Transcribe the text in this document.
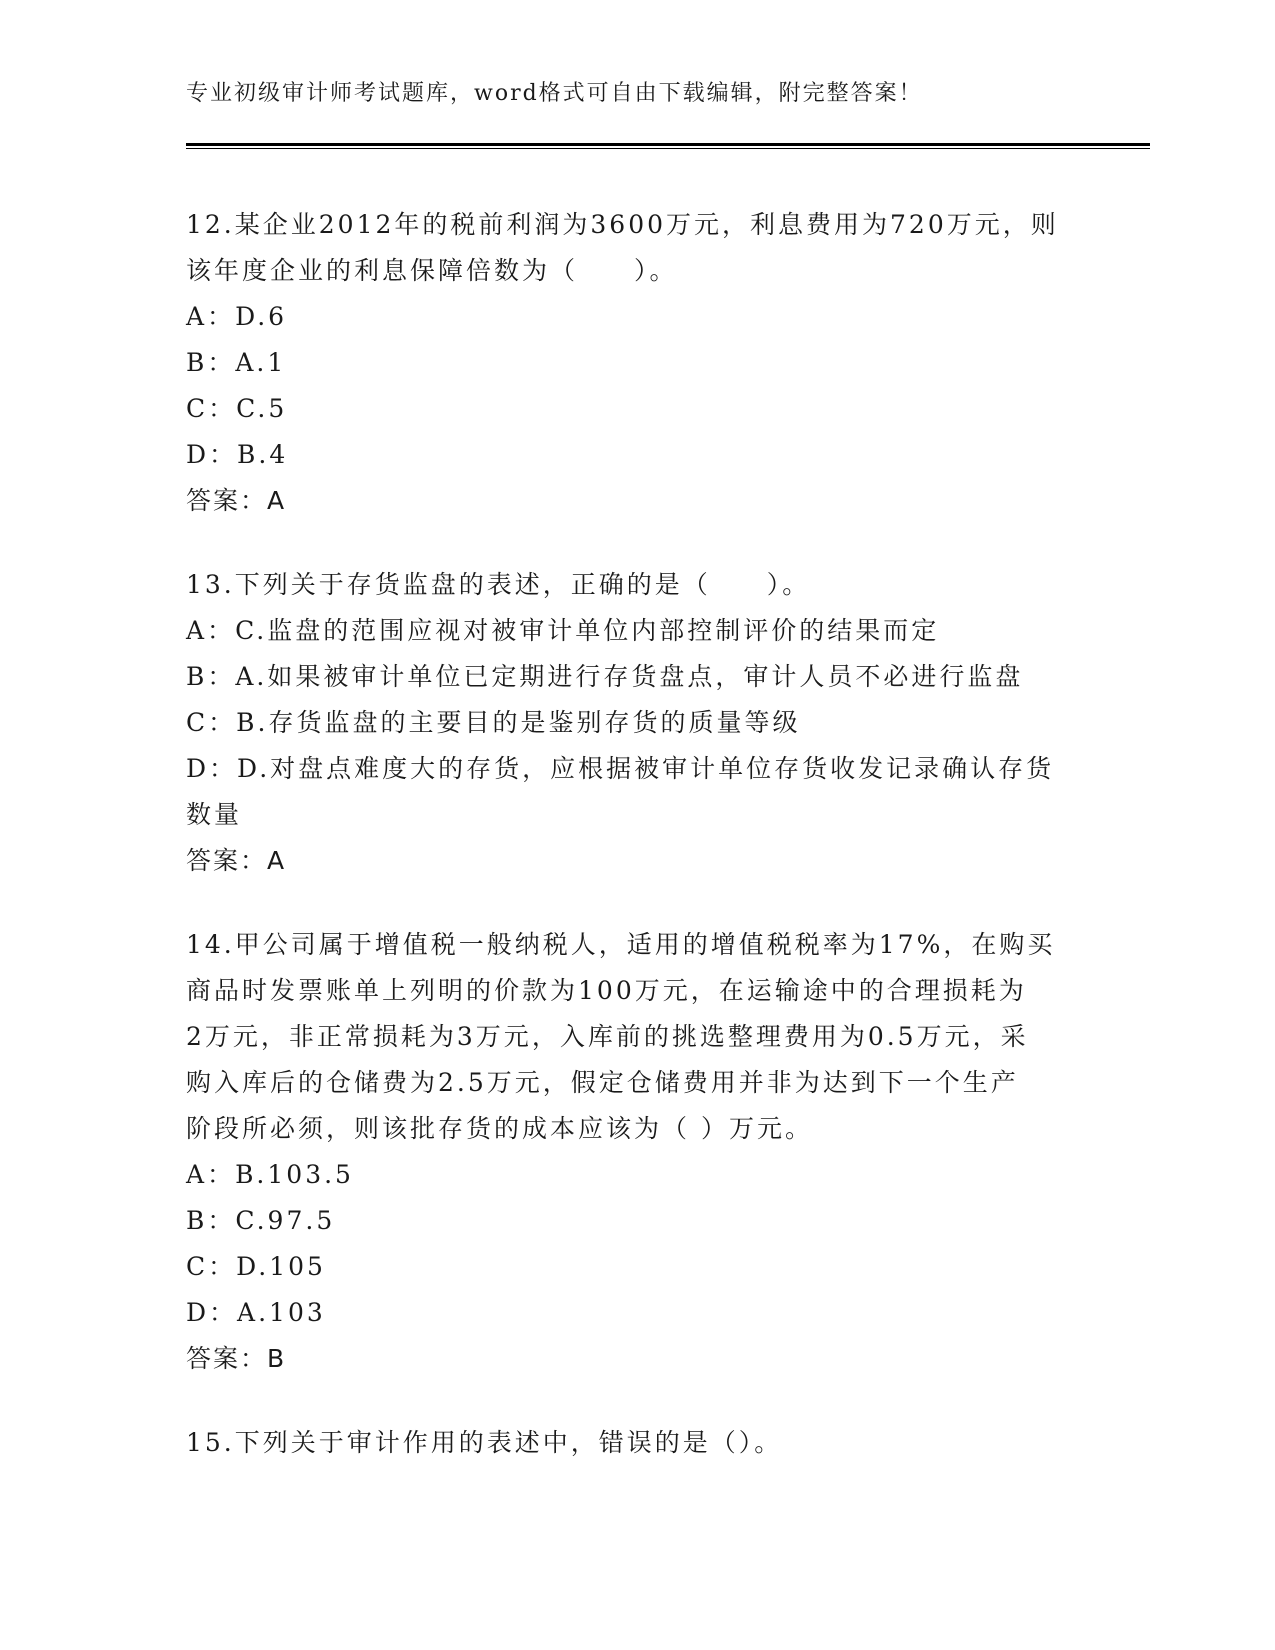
专业初级审计师考试题库，word格式可自由下载编辑，附完整答案！
12.某企业2012年的税前利润为3600万元，利息费用为720万元，则
该年度企业的利息保障倍数为（　　）。
A：D.6
B：A.1
C：C.5
D：B.4
答案：A
13.下列关于存货监盘的表述，正确的是（　　）。
A：C.监盘的范围应视对被审计单位内部控制评价的结果而定
B：A.如果被审计单位已定期进行存货盘点，审计人员不必进行监盘
C：B.存货监盘的主要目的是鉴别存货的质量等级
D：D.对盘点难度大的存货，应根据被审计单位存货收发记录确认存货
数量
答案：A
14.甲公司属于增值税一般纳税人，适用的增值税税率为17%，在购买
商品时发票账单上列明的价款为100万元，在运输途中的合理损耗为
2万元，非正常损耗为3万元，入库前的挑选整理费用为0.5万元，采
购入库后的仓储费为2.5万元，假定仓储费用并非为达到下一个生产
阶段所必须，则该批存货的成本应该为（ ）万元。
A：B.103.5
B：C.97.5
C：D.105
D：A.103
答案：B
15.下列关于审计作用的表述中，错误的是（）。
